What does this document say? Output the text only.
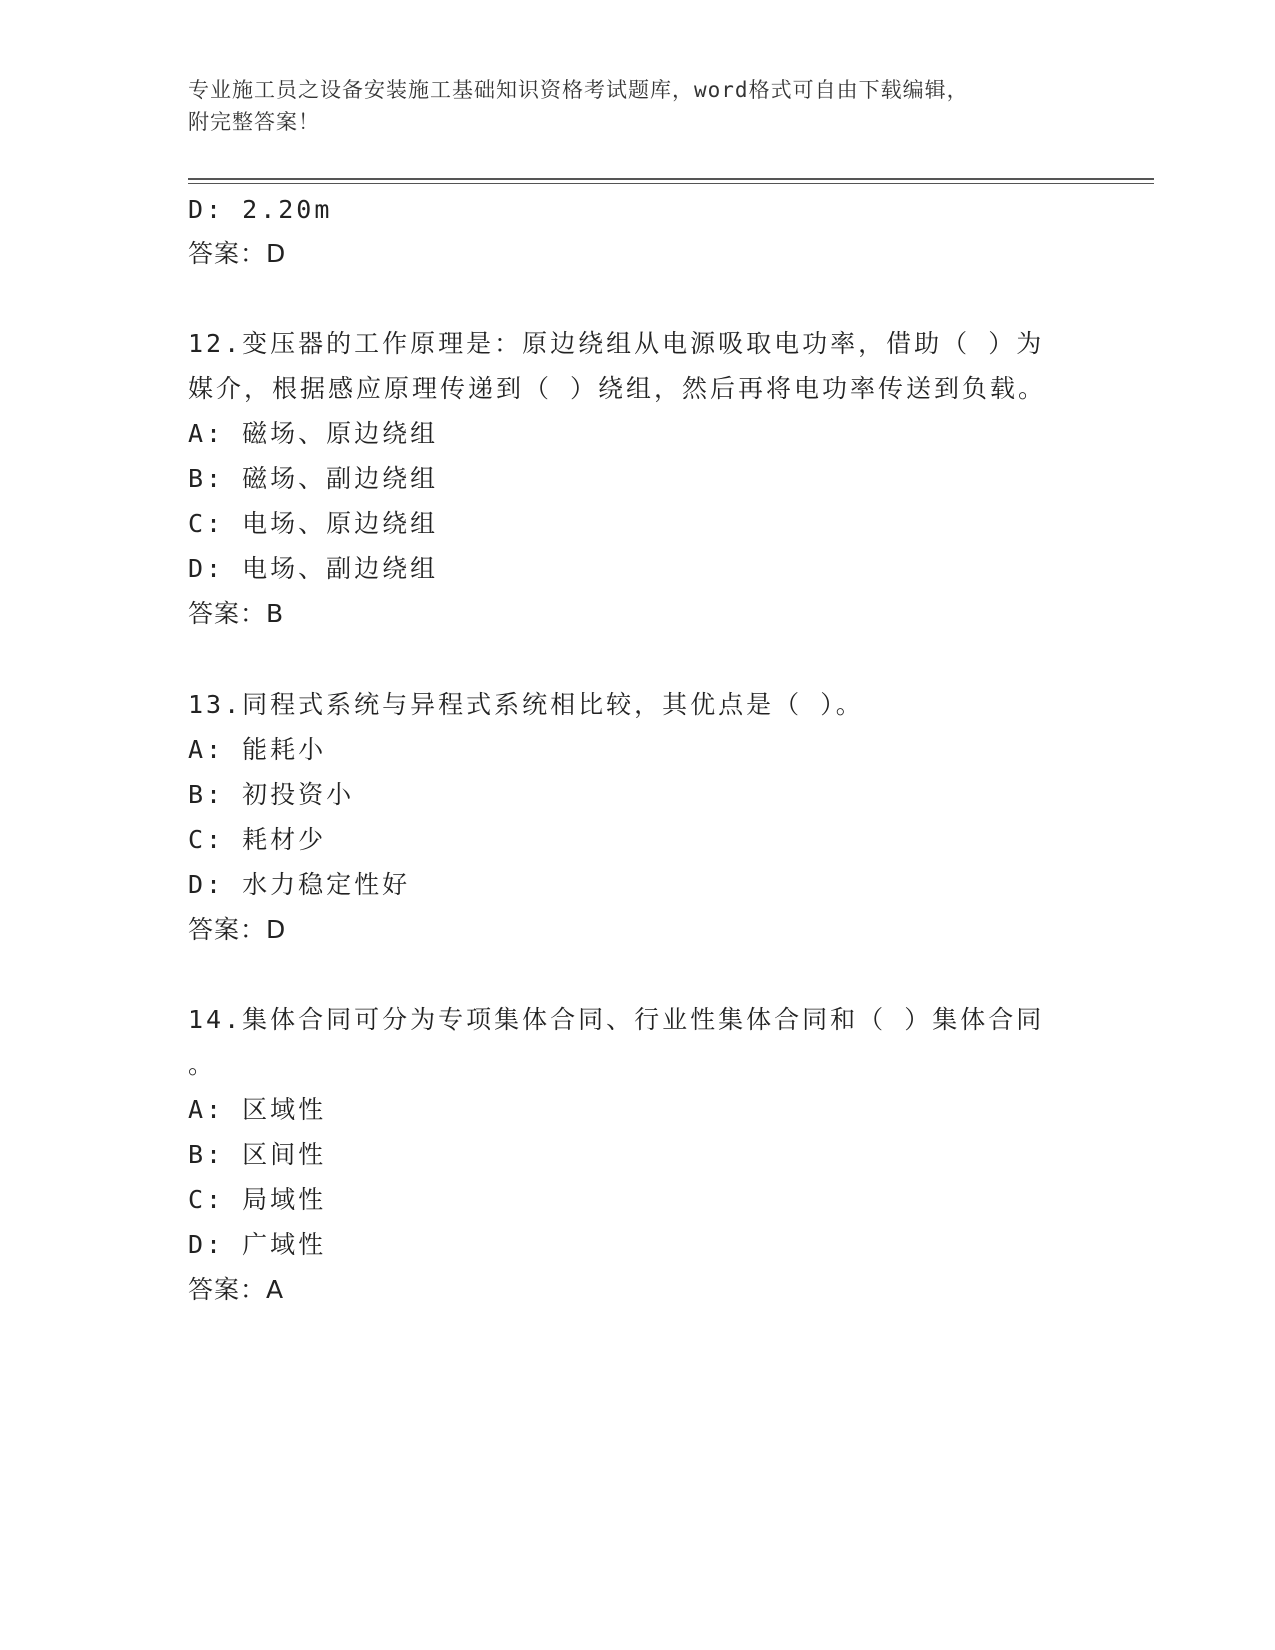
专业施工员之设备安装施工基础知识资格考试题库，word格式可自由下载编辑，
附完整答案！
D: 2.20m
答案：D
12.变压器的工作原理是：原边绕组从电源吸取电功率，借助（ ）为
媒介，根据感应原理传递到（ ）绕组，然后再将电功率传送到负载。
A: 磁场、原边绕组
B: 磁场、副边绕组
C: 电场、原边绕组
D: 电场、副边绕组
答案：B
13.同程式系统与异程式系统相比较，其优点是（ ）。
A: 能耗小
B: 初投资小
C: 耗材少
D: 水力稳定性好
答案：D
14.集体合同可分为专项集体合同、行业性集体合同和（ ）集体合同
。
A: 区域性
B: 区间性
C: 局域性
D: 广域性
答案：A
